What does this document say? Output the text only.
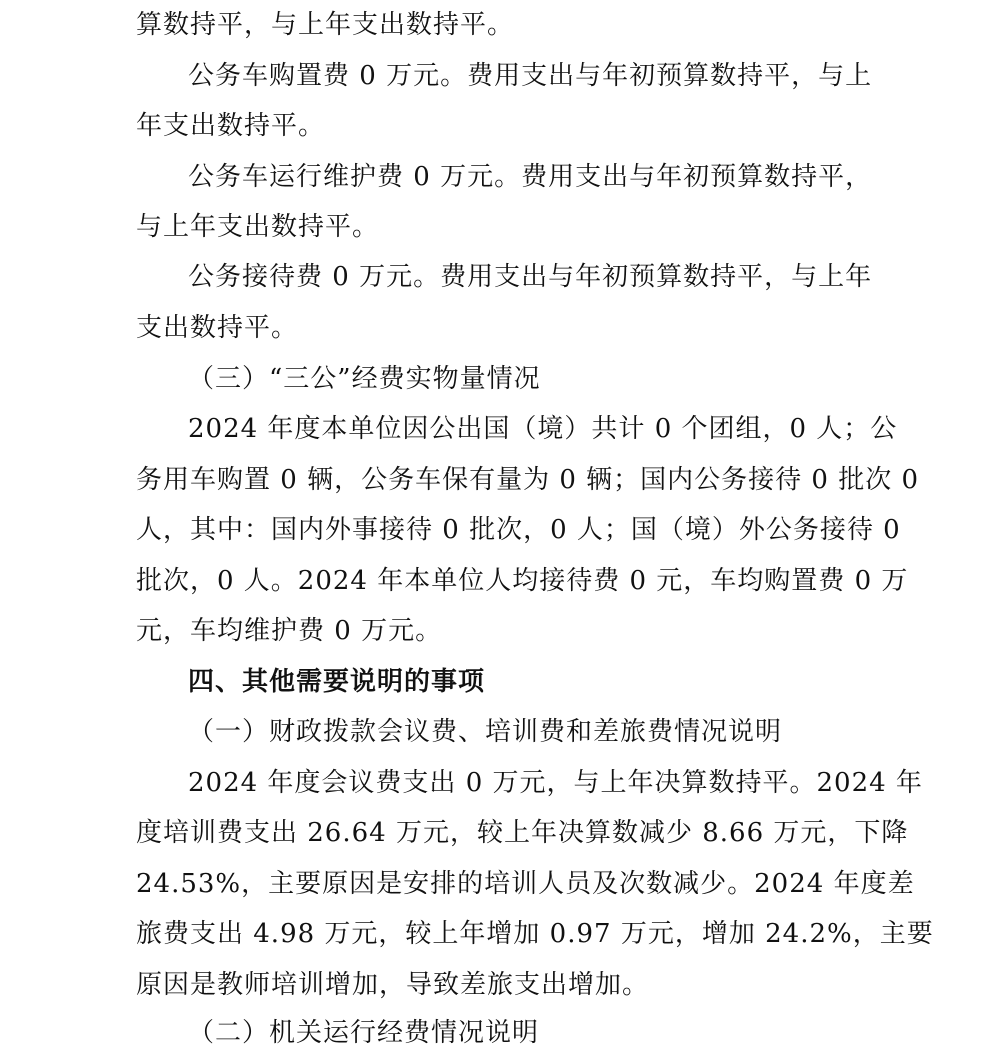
算数持平，与上年支出数持平。
公务车购置费 0 万元。费用支出与年初预算数持平，与上
年支出数持平。
公务车运行维护费 0 万元。费用支出与年初预算数持平，
与上年支出数持平。
公务接待费 0 万元。费用支出与年初预算数持平，与上年
支出数持平。
（三）“三公”经费实物量情况
2024 年度本单位因公出国（境）共计 0 个团组，0 人；公
务用车购置 0 辆，公务车保有量为 0 辆；国内公务接待 0 批次 0
人，其中：国内外事接待 0 批次，0 人；国（境）外公务接待 0
批次，0 人。2024 年本单位人均接待费 0 元，车均购置费 0 万
元，车均维护费 0 万元。
四、其他需要说明的事项
（一）财政拨款会议费、培训费和差旅费情况说明
2024 年度会议费支出 0 万元，与上年决算数持平。2024 年
度培训费支出 26.64 万元，较上年决算数减少 8.66 万元，下降
24.53%，主要原因是安排的培训人员及次数减少。2024 年度差
旅费支出 4.98 万元，较上年增加 0.97 万元，增加 24.2%，主要
原因是教师培训增加，导致差旅支出增加。
（二）机关运行经费情况说明
